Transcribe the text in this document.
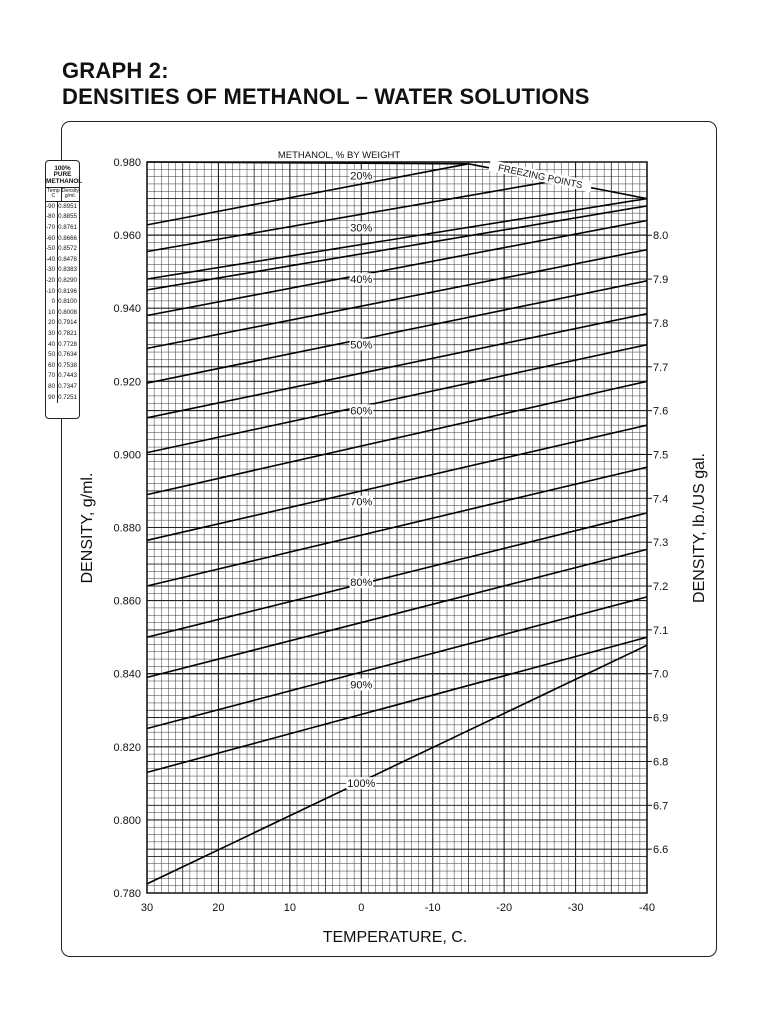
GRAPH 2:
DENSITIES OF METHANOL – WATER SOLUTIONS
0.780
0.800
0.820
0.840
0.860
0.880
0.900
0.920
0.940
0.960
0.980
6.6
6.7
6.8
6.9
7.0
7.1
7.2
7.3
7.4
7.5
7.6
7.7
7.8
7.9
8.0
30	20	10	0	-10	-20	-30	-40
TEMPERATURE, C.
DENSITY, g/ml.	DENSITY, lb./US gal.
METHANOL, % BY WEIGHT
20%
30%
40%
50%
60%
70%
80%
90%
100%
FREEZING POINTS
100% PURE
METHANOL
Temp
C
Density
g/ml.
-90 0.8951
-80 0.8855
-70 0.8761
-60 0.8666
-50 0.8572
-40 0.8478
-30 0.8383
-20 0.8290
-10 0.8196
0 0.8100
10 0.8008
20 0.7914
30 0.7821
40 0.7728
50 0.7634
60 0.7538
70 0.7443
80 0.7347
90 0.7251
